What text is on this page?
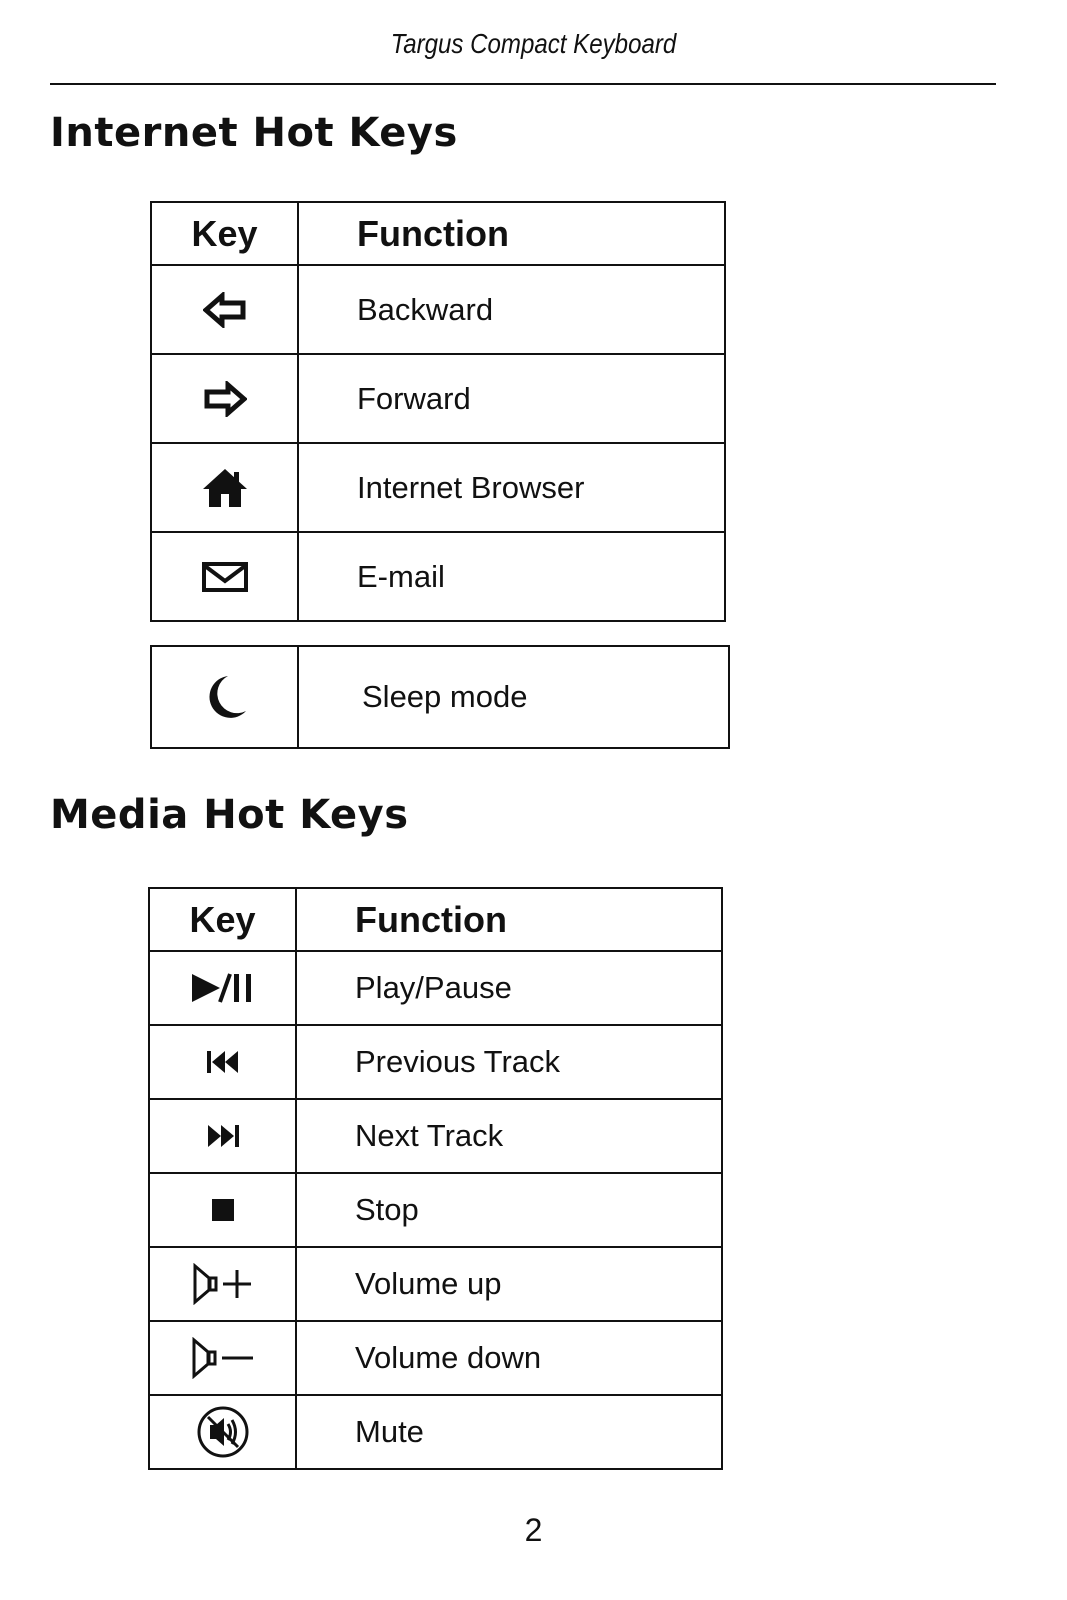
Targus Compact Keyboard
Internet Hot Keys
Key	Function
	Backward
	Forward
	Internet Browser
	E-mail
	Sleep mode
Media Hot Keys
Key	Function
	Play/Pause
	Previous Track
	Next Track
	Stop
	Volume up
	Volume down
	Mute
2
